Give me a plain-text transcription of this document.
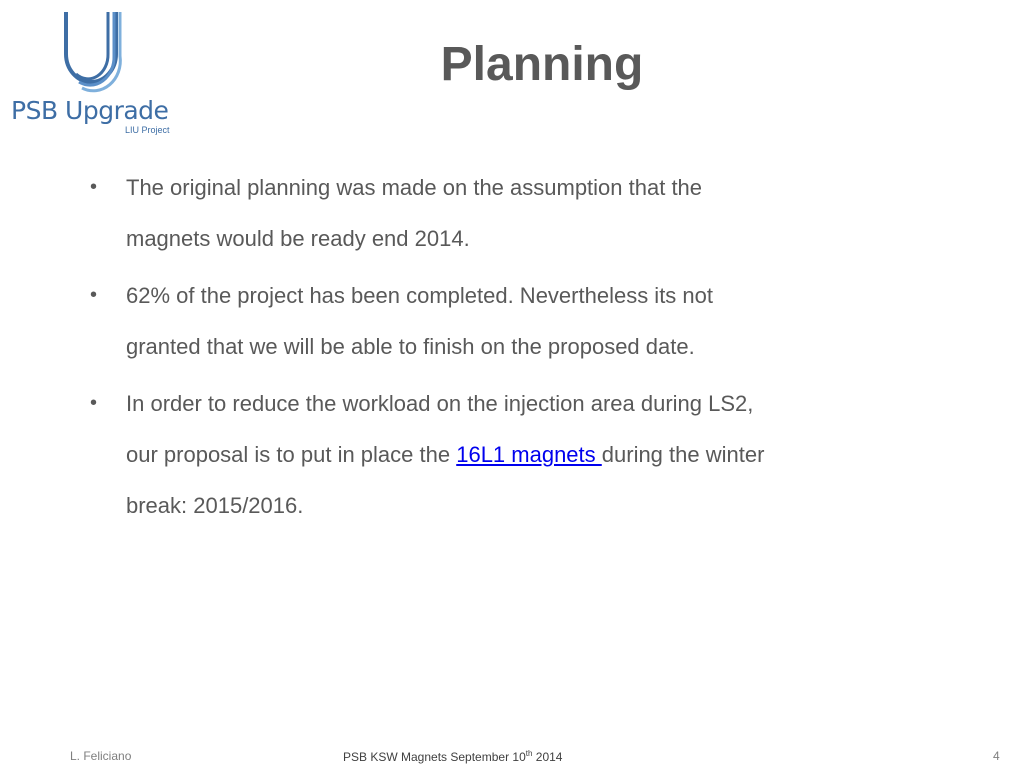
PSB Upgrade
LIU Project
Planning
• The original planning was made on the assumption that the
magnets would be ready end 2014.
• 62% of the project has been completed. Nevertheless its not
granted that we will be able to finish on the proposed date.
• In order to reduce the workload on the injection area during LS2,
our proposal is to put in place the 16L1 magnets during the winter
break: 2015/2016.
L. Feliciano	PSB KSW Magnets September 10th 2014	4
